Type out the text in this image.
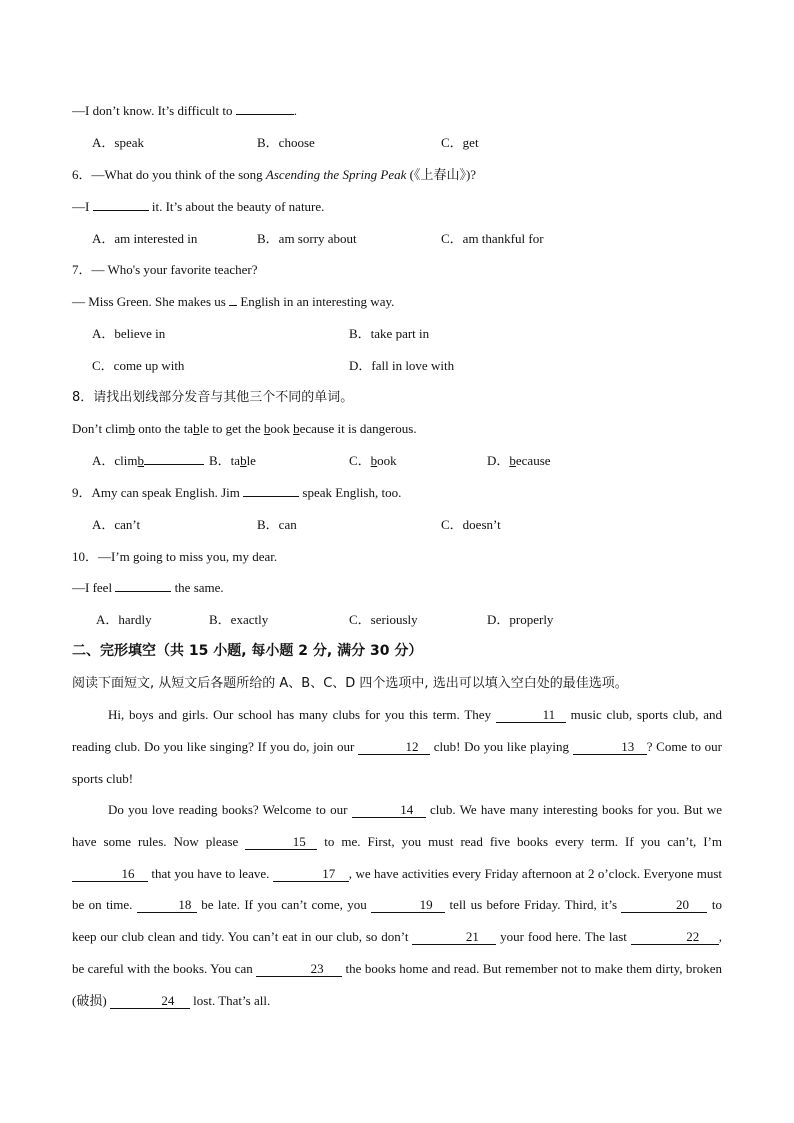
—I don’t know. It’s difficult to	.
A．speak	B．choose	C．get
6．—What do you think of the song Ascending the Spring Peak (《上春山》)?
—I	it. It’s about the beauty of nature.
A．am interested in	B．am sorry about	C．am thankful for
7．— Who's your favorite teacher?
— Miss Green. She makes us  English in an interesting way.
A．believe in	B．take part in
C．come up with	D．fall in love with
8．请找出划线部分发音与其他三个不同的单词。
Don’t climb onto the table to get the book because it is dangerous.
A．climb	B．table	C．book	D．because
9．Amy can speak English. Jim	speak English, too.
A．can’t	B．can	C．doesn’t
10．—I’m going to miss you, my dear.
—I feel	the same.
A．hardly	B．exactly	C．seriously	D．properly
二、完形填空（共 15 小题, 每小题 2 分, 满分 30 分）
阅读下面短文, 从短文后各题所给的 A、B、C、D 四个选项中, 选出可以填入空白处的最佳选项。
Hi, boys and girls. Our school has many clubs for you this term. They	11 music club, sports club, and reading club. Do you like singing? If you do, join our	12 club! Do you like playing	13 ? Come to our sports club!
Do you love reading books? Welcome to our	14 club. We have many interesting books for you. But we have some rules. Now please	15 to me. First, you must read five books every term. If you can’t, I’m 16 that you have to leave.	17 , we have activities every Friday afternoon at 2 o’clock. Everyone must be on time.	18 be late. If you can’t come, you	19 tell us before Friday. Third, it’s	20 to keep our club clean and tidy. You can’t eat in our club, so don’t	21 your food here. The last	22 , be careful with the books. You can	23 the books home and read. But remember not to make them dirty, broken (破损)	24 lost. That’s all.
